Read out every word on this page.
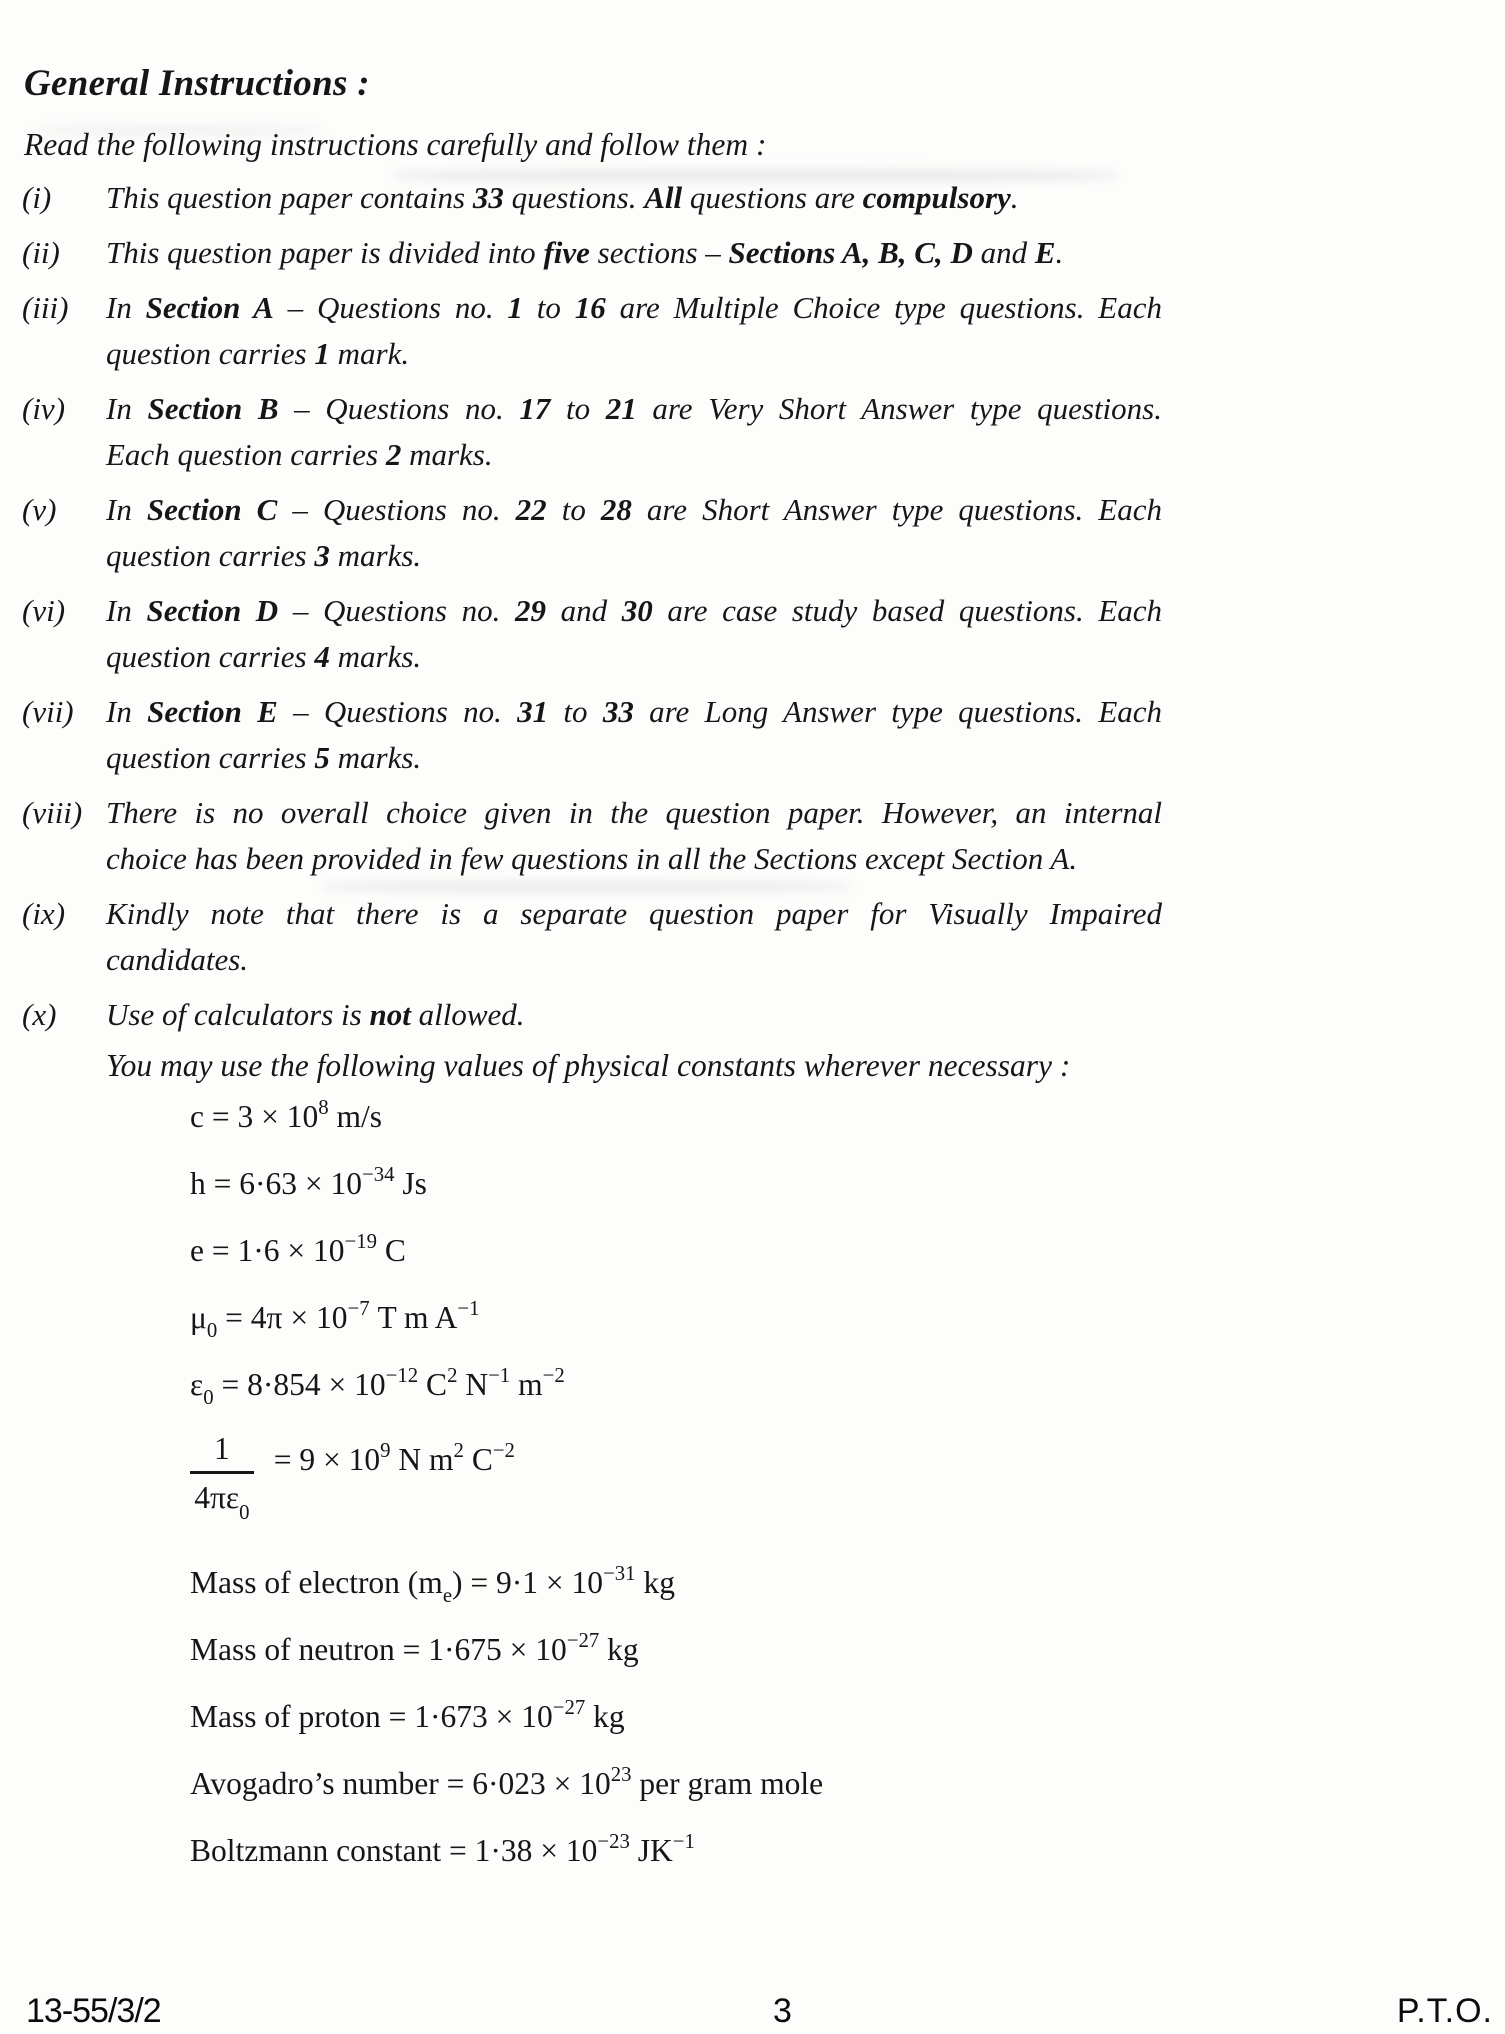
General Instructions :

Read the following instructions carefully and follow them :

(i)	This question paper contains 33 questions. All questions are compulsory.
(ii)	This question paper is divided into five sections – Sections A, B, C, D and E.
(iii)	In Section A – Questions no. 1 to 16 are Multiple Choice type questions. Each
question carries 1 mark.
(iv)	In Section B – Questions no. 17 to 21 are Very Short Answer type questions.
Each question carries 2 marks.
(v)	In Section C – Questions no. 22 to 28 are Short Answer type questions. Each
question carries 3 marks.
(vi)	In Section D – Questions no. 29 and 30 are case study based questions. Each
question carries 4 marks.
(vii)	In Section E – Questions no. 31 to 33 are Long Answer type questions. Each
question carries 5 marks.
(viii) There is no overall choice given in the question paper. However, an internal
choice has been provided in few questions in all the Sections except Section A.
(ix)	Kindly note that there is a separate question paper for Visually Impaired
candidates.
(x)	Use of calculators is not allowed.

You may use the following values of physical constants wherever necessary :

$c = 3 \times 10^8$ m/s
$h = 6\cdot 63 \times 10^{-34}$ Js
$e = 1\cdot 6 \times 10^{-19}$ C
$\mu_0 = 4\pi \times 10^{-7}$ T m $A^{-1}$
$\varepsilon_0 = 8\cdot 854 \times 10^{-12}$ $C^2$ $N^{-1}$ $m^{-2}$
$\frac{1}{4\pi\varepsilon_0} = 9 \times 10^9$ N $m^2$ $C^{-2}$
Mass of electron $(m_e) = 9\cdot 1 \times 10^{-31}$ kg
Mass of neutron = $1\cdot 675 \times 10^{-27}$ kg
Mass of proton = $1\cdot 673 \times 10^{-27}$ kg
Avogadro’s number = $6\cdot 023 \times 10^{23}$ per gram mole
Boltzmann constant = $1\cdot 38 \times 10^{-23}$ $JK^{-1}$
13-55/3/2	3	P.T.O.
